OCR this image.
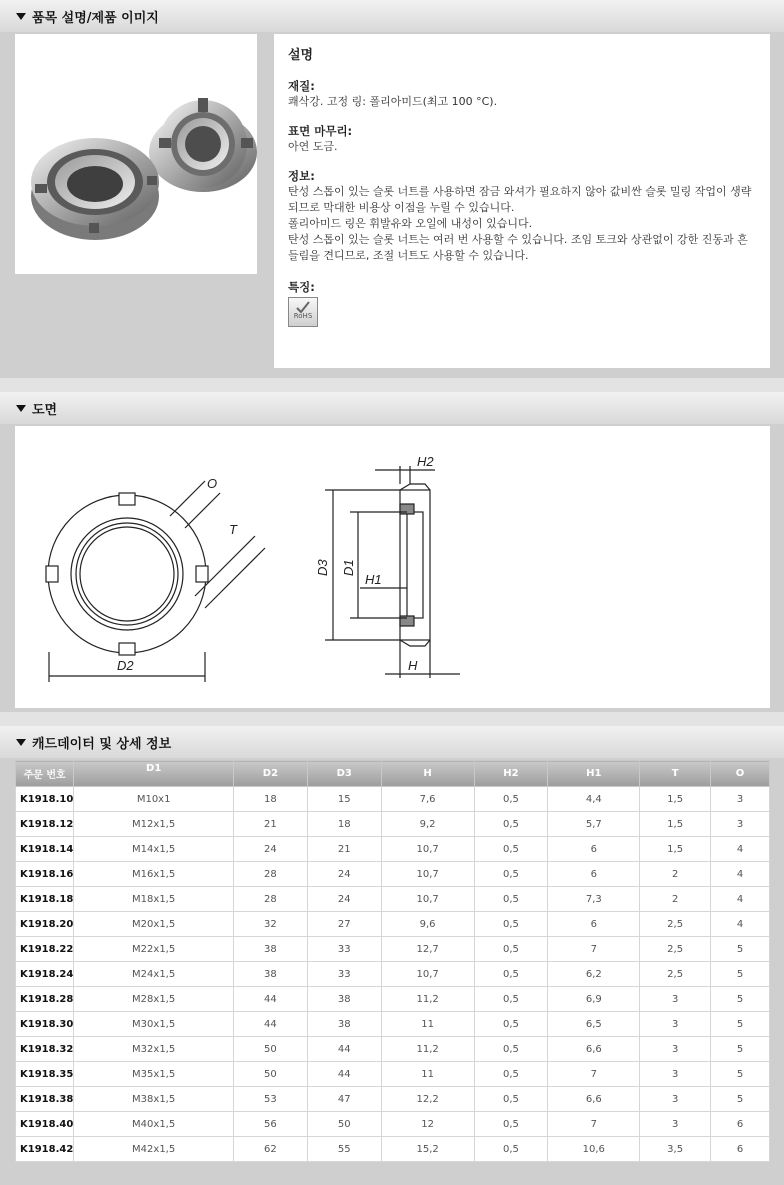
품목 설명/제품 이미지
설명
재질:
쾌삭강. 고정 링: 폴리아미드(최고 100 °C).
표면 마무리:
아연 도금.
정보:
탄성 스톱이 있는 슬롯 너트를 사용하면 잠금 와셔가 필요하지 않아 값비싼 슬롯 밀링 작업이 생략되므로 막대한 비용상 이점을 누릴 수 있습니다.
폴리아미드 링은 휘발유와 오일에 내성이 있습니다.
탄성 스톱이 있는 슬롯 너트는 여러 번 사용할 수 있습니다. 조임 토크와 상관없이 강한 진동과 흔들림을 견디므로, 조절 너트도 사용할 수 있습니다.
특징:
RoHS
도면
D2
O
T
H2
D3 D1
H1
H
캐드데이터 및 상세 정보
주문 번호	D1	D2	D3	H	H2	H1	T	O
K1918.10	M10x1	18	15	7,6	0,5	4,4	1,5	3
K1918.12	M12x1,5	21	18	9,2	0,5	5,7	1,5	3
K1918.14	M14x1,5	24	21	10,7	0,5	6	1,5	4
K1918.16	M16x1,5	28	24	10,7	0,5	6	2	4
K1918.18	M18x1,5	28	24	10,7	0,5	7,3	2	4
K1918.20	M20x1,5	32	27	9,6	0,5	6	2,5	4
K1918.22	M22x1,5	38	33	12,7	0,5	7	2,5	5
K1918.24	M24x1,5	38	33	10,7	0,5	6,2	2,5	5
K1918.28	M28x1,5	44	38	11,2	0,5	6,9	3	5
K1918.30	M30x1,5	44	38	11	0,5	6,5	3	5
K1918.32	M32x1,5	50	44	11,2	0,5	6,6	3	5
K1918.35	M35x1,5	50	44	11	0,5	7	3	5
K1918.38	M38x1,5	53	47	12,2	0,5	6,6	3	5
K1918.40	M40x1,5	56	50	12	0,5	7	3	6
K1918.42	M42x1,5	62	55	15,2	0,5	10,6	3,5	6
